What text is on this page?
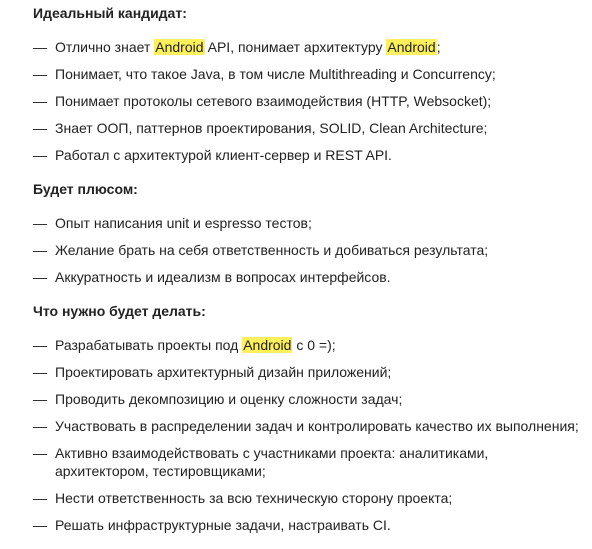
Идеальный кандидат:
— Отлично знает Android API, понимает архитектуру Android;
— Понимает, что такое Java, в том числе Multithreading и Concurrency;
— Понимает протоколы сетевого взаимодействия (HTTP, Websocket);
— Знает ООП, паттернов проектирования, SOLID, Clean Architecture;
— Работал с архитектурой клиент-сервер и REST API.
Будет плюсом:
— Опыт написания unit и espresso тестов;
— Желание брать на себя ответственность и добиваться результата;
— Аккуратность и идеализм в вопросах интерфейсов.
Что нужно будет делать:
— Разрабатывать проекты под Android с 0 =);
— Проектировать архитектурный дизайн приложений;
— Проводить декомпозицию и оценку сложности задач;
— Участвовать в распределении задач и контролировать качество их выполнения;
— Активно взаимодействовать с участниками проекта: аналитиками, архитектором, тестировщиками;
— Нести ответственность за всю техническую сторону проекта;
— Решать инфраструктурные задачи, настраивать CI.
